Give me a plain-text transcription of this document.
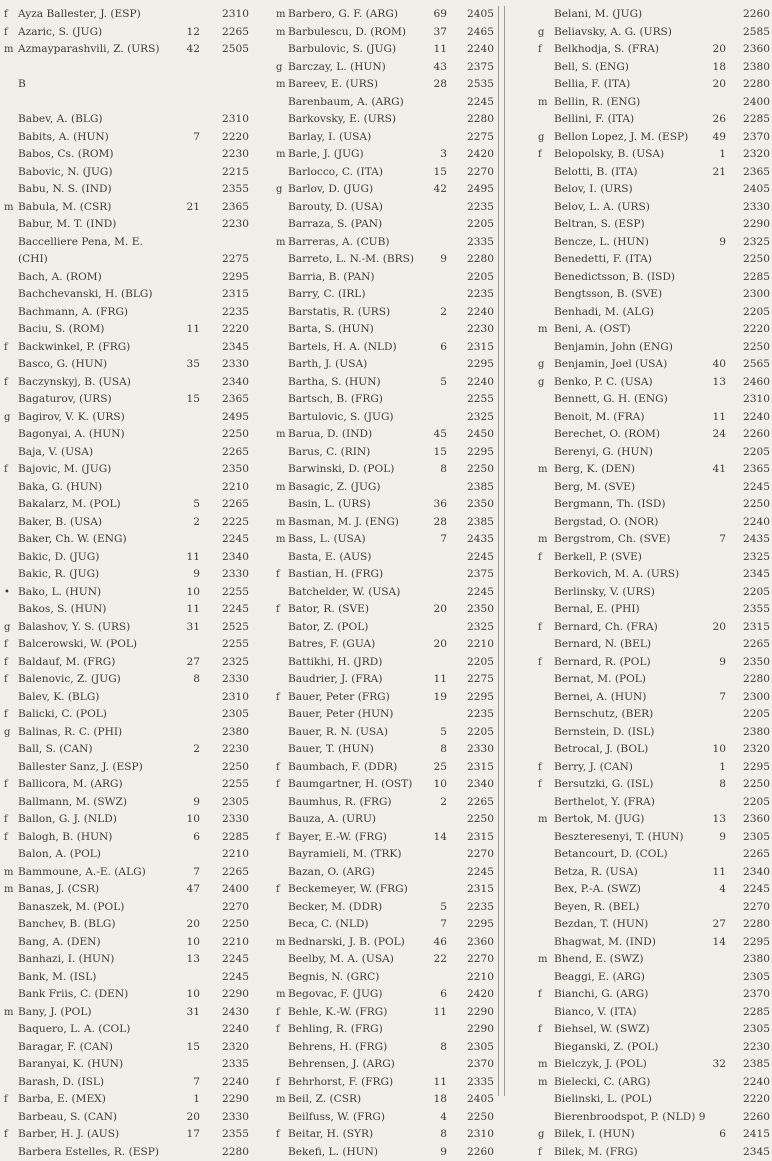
f Ayza Ballester, J. (ESP)	2310
f Azaric, S. (JUG)	12	2265
m Azmayparashvili, Z. (URS)	42	2505
B
Babev, A. (BLG)	2310
Babits, A. (HUN)	7	2220
Babos, Cs. (ROM)	2230
Babovic, N. (JUG)	2215
Babu, N. S. (IND)	2355
m Babula, M. (CSR)	21	2365
Babur, M. T. (IND)	2230
Baccelliere Pena, M. E.
(CHI)	2275
Bach, A. (ROM)	2295
Bachchevanski, H. (BLG)	2315
Bachmann, A. (FRG)	2235
Baciu, S. (ROM)	11	2220
f Backwinkel, P. (FRG)	2345
Basco, G. (HUN)	35	2330
f Baczynskyj, B. (USA)	2340
Bagaturov, (URS)	15	2365
g Bagirov, V. K. (URS)	2495
Bagonyai, A. (HUN)	2250
Baja, V. (USA)	2265
f Bajovic, M. (JUG)	2350
Baka, G. (HUN)	2210
Bakalarz, M. (POL)	5	2265
Baker, B. (USA)	2	2225
Baker, Ch. W. (ENG)	2245
Bakic, D. (JUG)	11	2340
Bakic, R. (JUG)	9	2330
• Bako, L. (HUN)	10	2255
Bakos, S. (HUN)	11	2245
g Balashov, Y. S. (URS)	31	2525
f Balcerowski, W. (POL)	2255
f Baldauf, M. (FRG)	27	2325
f Balenovic, Z. (JUG)	8	2330
Balev, K. (BLG)	2310
f Balicki, C. (POL)	2305
g Balinas, R. C. (PHI)	2380
Ball, S. (CAN)	2	2230
Ballester Sanz, J. (ESP)	2250
f Ballicora, M. (ARG)	2255
Ballmann, M. (SWZ)	9	2305
f Ballon, G. J. (NLD)	10	2330
f Balogh, B. (HUN)	6	2285
Balon, A. (POL)	2210
m Bammoune, A.-E. (ALG)	7	2265
m Banas, J. (CSR)	47	2400
Banaszek, M. (POL)	2270
Banchev, B. (BLG)	20	2250
Bang, A. (DEN)	10	2210
Banhazi, I. (HUN)	13	2245
Bank, M. (ISL)	2245
Bank Friis, C. (DEN)	10	2290
m Bany, J. (POL)	31	2430
Baquero, L. A. (COL)	2240
Baragar, F. (CAN)	15	2320
Baranyai, K. (HUN)	2335
Barash, D. (ISL)	7	2240
f Barba, E. (MEX)	1	2290
Barbeau, S. (CAN)	20	2330
f Barber, H. J. (AUS)	17	2355
Barbera Estelles, R. (ESP)	2280
m Barbero, G. F. (ARG)	69	2405
m Barbulescu, D. (ROM)	37	2465
Barbulovic, S. (JUG)	11	2240
g Barczay, L. (HUN)	43	2375
m Bareev, E. (URS)	28	2535
Barenbaum, A. (ARG)	2245
Barkovsky, E. (URS)	2280
Barlay, I. (USA)	2275
m Barle, J. (JUG)	3	2420
Barlocco, C. (ITA)	15	2270
g Barlov, D. (JUG)	42	2495
Barouty, D. (USA)	2235
Barraza, S. (PAN)	2205
m Barreras, A. (CUB)	2335
Barreto, L. N.-M. (BRS)	9	2280
Barria, B. (PAN)	2205
Barry, C. (IRL)	2235
Barstatis, R. (URS)	2	2240
Barta, S. (HUN)	2230
Bartels, H. A. (NLD)	6	2315
Barth, J. (USA)	2295
Bartha, S. (HUN)	5	2240
Bartsch, B. (FRG)	2255
Bartulovic, S. (JUG)	2325
m Barua, D. (IND)	45	2450
Barus, C. (RIN)	15	2295
Barwinski, D. (POL)	8	2250
m Basagic, Z. (JUG)	2385
Basin, L. (URS)	36	2350
m Basman, M. J. (ENG)	28	2385
m Bass, L. (USA)	7	2435
Basta, E. (AUS)	2245
f Bastian, H. (FRG)	2375
Batchelder, W. (USA)	2245
f Bator, R. (SVE)	20	2350
Bator, Z. (POL)	2325
Batres, F. (GUA)	20	2210
Battikhi, H. (JRD)	2205
Baudrier, J. (FRA)	11	2275
f Bauer, Peter (FRG)	19	2295
Bauer, Peter (HUN)	2235
Bauer, R. N. (USA)	5	2205
Bauer, T. (HUN)	8	2330
f Baumbach, F. (DDR)	25	2315
f Baumgartner, H. (OST)	10	2340
Baumhus, R. (FRG)	2	2265
Bauza, A. (URU)	2250
f Bayer, E.-W. (FRG)	14	2315
Bayramieli, M. (TRK)	2270
Bazan, O. (ARG)	2245
f Beckemeyer, W. (FRG)	2315
Becker, M. (DDR)	5	2235
Beca, C. (NLD)	7	2295
m Bednarski, J. B. (POL)	46	2360
Beelby, M. A. (USA)	22	2270
Begnis, N. (GRC)	2210
m Begovac, F. (JUG)	6	2420
f Behle, K.-W. (FRG)	11	2290
f Behling, R. (FRG)	2290
Behrens, H. (FRG)	8	2305
Behrensen, J. (ARG)	2370
f Behrhorst, F. (FRG)	11	2335
m Beil, Z. (CSR)	18	2405
Beilfuss, W. (FRG)	4	2250
f Beitar, H. (SYR)	8	2310
Bekefi, L. (HUN)	9	2260
Belani, M. (JUG)	2260
g Beliavsky, A. G. (URS)	2585
f Belkhodja, S. (FRA)	20	2360
Bell, S. (ENG)	18	2380
Bellia, F. (ITA)	20	2280
m Bellin, R. (ENG)	2400
Bellini, F. (ITA)	26	2285
g Bellon Lopez, J. M. (ESP)	49	2370
f Belopolsky, B. (USA)	1	2320
Belotti, B. (ITA)	21	2365
Belov, I. (URS)	2405
Belov, L. A. (URS)	2330
Beltran, S. (ESP)	2290
Bencze, L. (HUN)	9	2325
Benedetti, F. (ITA)	2250
Benedictsson, B. (ISD)	2285
Bengtsson, B. (SVE)	2300
Benhadi, M. (ALG)	2205
m Beni, A. (OST)	2220
Benjamin, John (ENG)	2250
g Benjamin, Joel (USA)	40	2565
g Benko, P. C. (USA)	13	2460
Bennett, G. H. (ENG)	2310
Benoit, M. (FRA)	11	2240
Berechet, O. (ROM)	24	2260
Berenyi, G. (HUN)	2205
m Berg, K. (DEN)	41	2365
Berg, M. (SVE)	2245
Bergmann, Th. (ISD)	2250
Bergstad, O. (NOR)	2240
m Bergstrom, Ch. (SVE)	7	2435
f Berkell, P. (SVE)	2325
Berkovich, M. A. (URS)	2345
Berlinsky, V. (URS)	2205
Bernal, E. (PHI)	2355
f Bernard, Ch. (FRA)	20	2315
Bernard, N. (BEL)	2265
f Bernard, R. (POL)	9	2350
Bernat, M. (POL)	2280
Bernei, A. (HUN)	7	2300
Bernschutz, (BER)	2205
Bernstein, D. (ISL)	2380
Betrocal, J. (BOL)	10	2320
f Berry, J. (CAN)	1	2295
f Bersutzki, G. (ISL)	8	2250
Berthelot, Y. (FRA)	2205
m Bertok, M. (JUG)	13	2360
Beszteresenyi, T. (HUN)	9	2305
Betancourt, D. (COL)	2265
Betza, R. (USA)	11	2340
Bex, P.-A. (SWZ)	4	2245
Beyen, R. (BEL)	2270
Bezdan, T. (HUN)	27	2280
Bhagwat, M. (IND)	14	2295
m Bhend, E. (SWZ)	2380
Beaggi, E. (ARG)	2305
f Bianchi, G. (ARG)	2370
Bianco, V. (ITA)	2285
f Biehsel, W. (SWZ)	2305
Bieganski, Z. (POL)	2230
m Bielczyk, J. (POL)	32	2385
m Bielecki, C. (ARG)	2240
Bielinski, L. (POL)	2220
Bierenbroodspot, P. (NLD) 9	2260
g Bilek, I. (HUN)	6	2415
f Bilek, M. (FRG)	2345
